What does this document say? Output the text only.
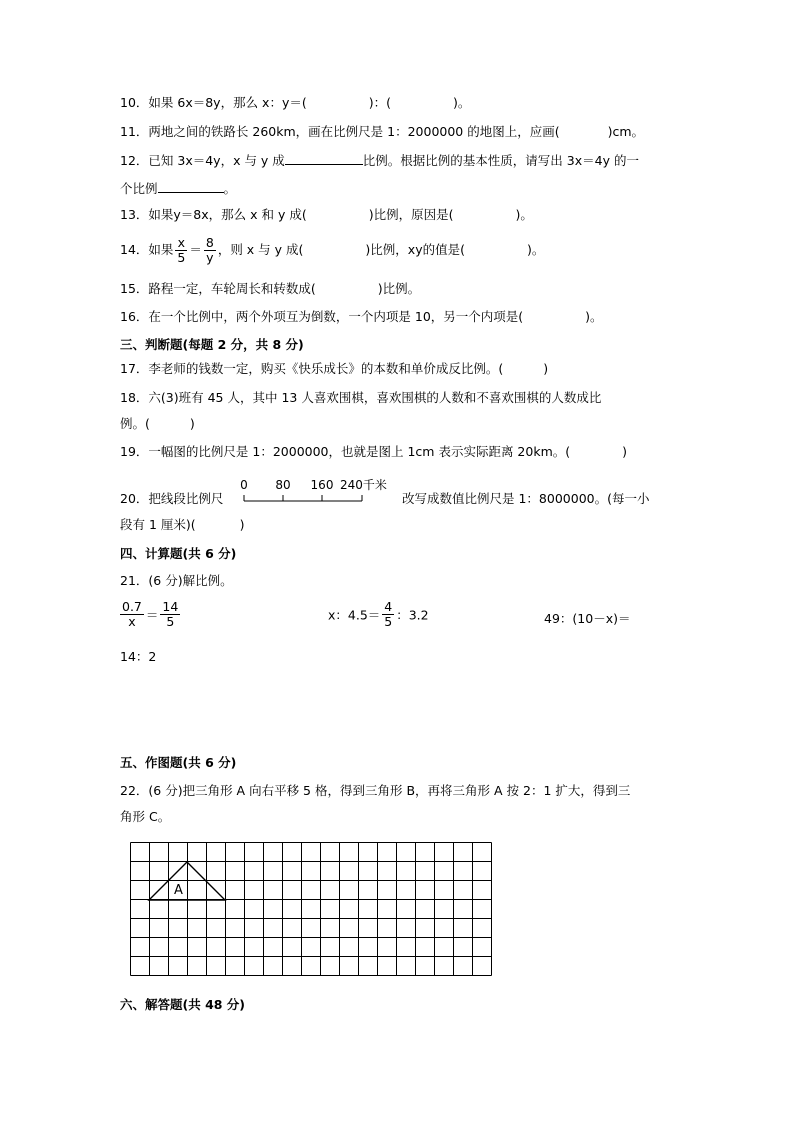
10．如果 6x＝8y，那么 x：y＝(	)：(	)。
11．两地之间的铁路长 260km，画在比例尺是 1：2000000 的地图上，应画(	)cm。
12．已知 3x＝4y，x 与 y 成	比例。根据比例的基本性质，请写出 3x＝4y 的一
个比例	。
13．如果y＝8x，那么 x 和 y 成(	)比例，原因是(	)。
14．如果 $\frac{x}{5} = \frac{8}{y}$ ，则 x 与 y 成(	)比例，xy的值是(	)。
15．路程一定，车轮周长和转数成(	)比例。
16．在一个比例中，两个外项互为倒数，一个内项是 10，另一个内项是(	)。
三、判断题(每题 2 分，共 8 分)
17．李老师的钱数一定，购买《快乐成长》的本数和单价成反比例。(	)
18．六(3)班有 45 人，其中 13 人喜欢围棋，喜欢围棋的人数和不喜欢围棋的人数成比
例。(	)
19．一幅图的比例尺是 1：2000000，也就是图上 1cm 表示实际距离 20km。(	)
20．把线段比例尺
0 80 160 240千米
改写成数值比例尺是 1：8000000。(每一小
段有 1 厘米)(	)
四、计算题(共 6 分)
21．(6 分)解比例。
$\frac{0.7}{x} = \frac{14}{5}$	x：$4.5= \frac{4}{5}$ ：3.2	49：(10－x)＝
14：2
五、作图题(共 6 分)
22．(6 分)把三角形 A 向右平移 5 格，得到三角形 B，再将三角形 A 按 2：1 扩大，得到三
角形 C。
A
六、解答题(共 48 分)
